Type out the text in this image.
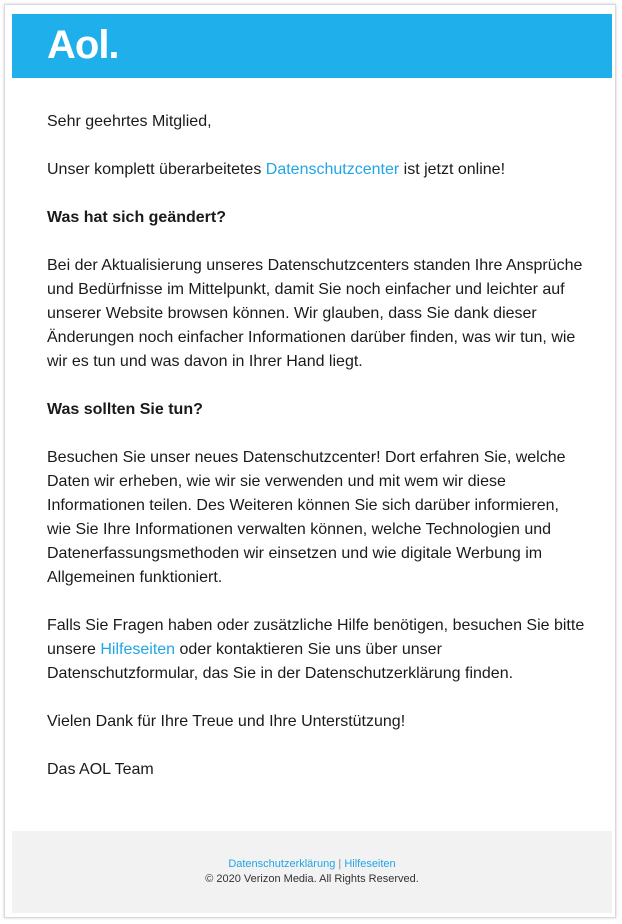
Aol.

Sehr geehrtes Mitglied,

Unser komplett überarbeitetes Datenschutzcenter ist jetzt online!

Was hat sich geändert?

Bei der Aktualisierung unseres Datenschutzcenters standen Ihre Ansprüche und Bedürfnisse im Mittelpunkt, damit Sie noch einfacher und leichter auf unserer Website browsen können. Wir glauben, dass Sie dank dieser Änderungen noch einfacher Informationen darüber finden, was wir tun, wie wir es tun und was davon in Ihrer Hand liegt.

Was sollten Sie tun?

Besuchen Sie unser neues Datenschutzcenter! Dort erfahren Sie, welche Daten wir erheben, wie wir sie verwenden und mit wem wir diese Informationen teilen. Des Weiteren können Sie sich darüber informieren, wie Sie Ihre Informationen verwalten können, welche Technologien und Datenerfassungsmethoden wir einsetzen und wie digitale Werbung im Allgemeinen funktioniert.

Falls Sie Fragen haben oder zusätzliche Hilfe benötigen, besuchen Sie bitte unsere Hilfeseiten oder kontaktieren Sie uns über unser Datenschutzformular, das Sie in der Datenschutzerklärung finden.

Vielen Dank für Ihre Treue und Ihre Unterstützung!

Das AOL Team

Datenschutzerklärung | Hilfeseiten
© 2020 Verizon Media. All Rights Reserved.
